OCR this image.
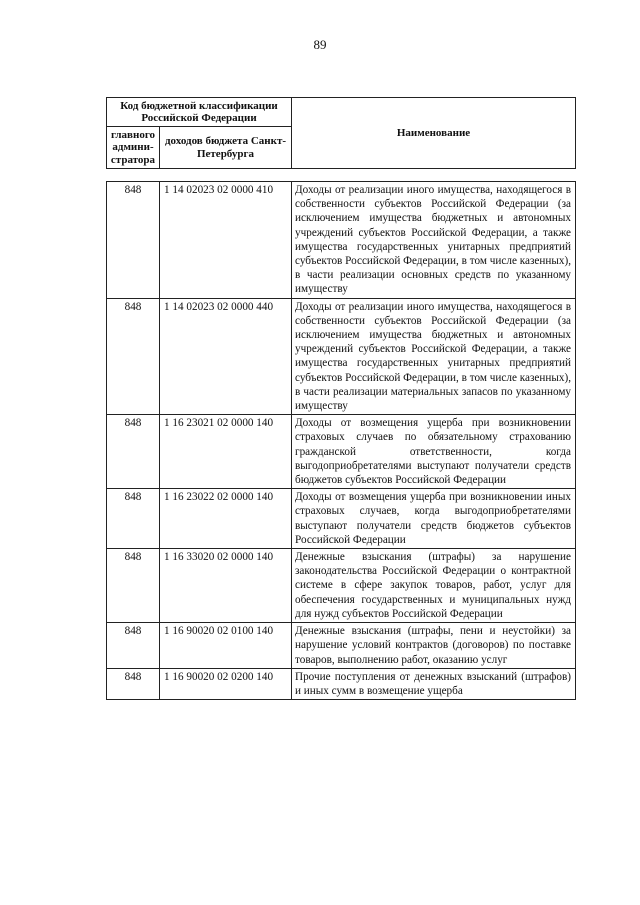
89
Код бюджетной классификации Российской Федерации		Наименование
главного админи-стратора	доходов бюджета Санкт-Петербурга	
848	1 14 02023 02 0000 410	Доходы от реализации иного имущества, находящегося в собственности субъектов Российской Федерации (за исключением имущества бюджетных и автономных учреждений субъектов Российской Федерации, а также имущества государственных унитарных предприятий субъектов Российской Федерации, в том числе казенных), в части реализации основных средств по указанному имуществу
848	1 14 02023 02 0000 440	Доходы от реализации иного имущества, находящегося в собственности субъектов Российской Федерации (за исключением имущества бюджетных и автономных учреждений субъектов Российской Федерации, а также имущества государственных унитарных предприятий субъектов Российской Федерации, в том числе казенных), в части реализации материальных запасов по указанному имуществу
848	1 16 23021 02 0000 140	Доходы от возмещения ущерба при возникновении страховых случаев по обязательному страхованию гражданской ответственности, когда выгодоприобретателями выступают получатели средств бюджетов субъектов Российской Федерации
848	1 16 23022 02 0000 140	Доходы от возмещения ущерба при возникновении иных страховых случаев, когда выгодоприобретателями выступают получатели средств бюджетов субъектов Российской Федерации
848	1 16 33020 02 0000 140	Денежные взыскания (штрафы) за нарушение законодательства Российской Федерации о контрактной системе в сфере закупок товаров, работ, услуг для обеспечения государственных и муниципальных нужд для нужд субъектов Российской Федерации
848	1 16 90020 02 0100 140	Денежные взыскания (штрафы, пени и неустойки) за нарушение условий контрактов (договоров) по поставке товаров, выполнению работ, оказанию услуг
848	1 16 90020 02 0200 140	Прочие поступления от денежных взысканий (штрафов) и иных сумм в возмещение ущерба
